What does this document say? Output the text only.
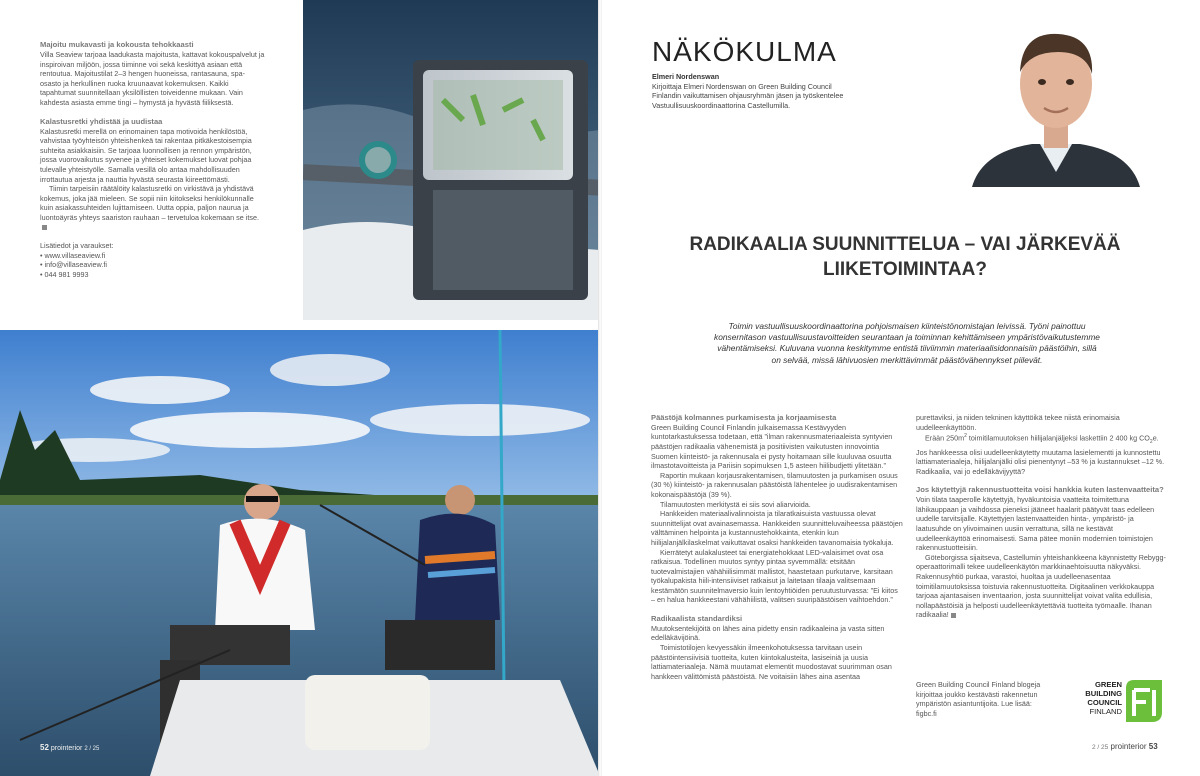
Majoitu mukavasti ja kokousta tehokkaasti

Villa Seaview tarjoaa laadukasta majoitusta, kattavat kokouspalvelut ja inspiroivan miljöön, jossa tiiminne voi sekä keskittyä asiaan että rentoutua. Majoitustilat 2–3 hengen huoneissa, rantasauna, spa-osasto ja herkullinen ruoka kruunaavat kokemuksen. Kaikki tapahtumat suunnitellaan yksilöllisten toiveidenne mukaan. Vain kahdesta asiasta emme tingi – hymystä ja hyvästä fiiliksestä.

Kalastusretki yhdistää ja uudistaa

Kalastusretki merellä on erinomainen tapa motivoida henkilöstöä, vahvistaa työyhteisön yhteishenkeä tai rakentaa pitkäkestoisempia suhteita asiakkaisiin. Se tarjoaa luonnollisen ja rennon ympäristön, jossa vuorovaikutus syvenee ja yhteiset kokemukset luovat pohjaa tulevalle yhteistyölle. Samalla vesillä olo antaa mahdollisuuden irrottautua arjesta ja nauttia hyvästä seurasta kiireettömästi.

Tiimin tarpeisiin räätälöity kalastusretki on virkistävä ja yhdistävä kokemus, joka jää mieleen. Se sopii niin kiitokseksi henkilökunnalle kuin asiakassuhteiden lujittamiseen. Uutta oppia, paljon naurua ja luontoäyräs yhteys saariston rauhaan – tervetuloa kokemaan se itse.

Lisätiedot ja varaukset:
• www.villaseaview.fi
• info@villaseaview.fi
• 044 981 9993
52 prointerior 2 / 25
NÄKÖKULMA
Elmeri Nordenswan
Kirjoittaja Elmeri Nordenswan on Green Building Council Finlandin vaikuttamisen ohjausryhmän jäsen ja työskentelee Vastuullisuuskoordinaattorina Castellumilla.
RADIKAALIA SUUNNITTELUA – VAI JÄRKEVÄÄ LIIKETOIMINTAA?

Toimin vastuullisuuskoordinaattorina pohjoismaisen kiinteistönomistajan leivissä. Työni painottuu konsernitason vastuullisuustavoitteiden seurantaan ja toiminnan kehittämiseen ympäristövaikutustemme vähentämiseksi. Kuluvana vuonna keskitymme entistä tiiviimmin materiaalisidonnaisiin päästöihin, sillä on selvää, missä lähivuosien merkittävimmät päästövähennykset piilevät.

Päästöjä kolmannes purkamisesta ja korjaamisesta

Green Building Council Finlandin julkaisemassa Kestävyyden kuntotarkastuksessa todetaan, että ”ilman rakennusmateriaaleista syntyvien päästöjen radikaalia vähenemistä ja positiivisten vaikutusten innovointia Suomen kiinteistö- ja rakennusala ei pysty hoitamaan sille kuuluvaa osuutta ilmastotavoitteista ja Pariisin sopimuksen 1,5 asteen hiilibudjetti ylitetään.”

Raportin mukaan korjausrakentamisen, tilamuutosten ja purkamisen osuus (30 %) kiinteistö- ja rakennusalan päästöistä lähentelee jo uudisrakentamisen kokonaispäästöjä (39 %).

Tilamuutosten merkitystä ei siis sovi aliarvioida.

Hankkeiden materiaalivalinnoista ja tilaratkaisuista vastuussa olevat suunnittelijat ovat avainasemassa. Hankkeiden suunnitteluvaiheessa päästöjen välttäminen helpointa ja kustannustehokkainta, etenkin kun hiilijalanjälkilaskelmat vaikuttavat osaksi hankkeiden tavanomaisia työkaluja.

Kierrätetyt aulakalusteet tai energiatehokkaat LED-valaisimet ovat osa ratkaisua. Todellinen muutos syntyy pintaa syvemmällä: etsitään tuotevalmistajien vähähiilisimmät mallistot, haastetaan purkutarve, karsitaan työkalupakista hiili-intensiiviset ratkaisut ja laitetaan tilaaja valitsemaan kestämätön suunnitelmaversio kuin lentoyhtiöiden peruutusturvassa: ”Ei kiitos – en halua hankkeestani vähähiilistä, valitsen suuripäästöisen vaihtoehdon.”

Radikaalista standardiksi

Muutoksentekijöitä on lähes aina pidetty ensin radikaaleina ja vasta sitten edelläkävijöinä.

Toimistotilojen kevyessäkin ilmeenkohotuksessa tarvitaan usein päästöintensiivisiä tuotteita, kuten kiintokalusteita, lasiseiniä ja uusia lattiamateriaaleja. Nämä muutamat elementit muodostavat suurimman osan hankkeen välittömistä päästöistä. Ne voitaisiin lähes aina asentaa

purettaviksi, ja niiden tekninen käyttöikä tekee niistä erinomaisia uudelleenkäyttöön.

Erään $250m^2$ toimitilamuutoksen hiilijalanjäljeksi laskettiin 2 400 kg $CO_2e$. Jos hankkeessa olisi uudelleenkäytetty muutama lasielementti ja kunnostettu lattiamateriaaleja, hiilijalanjälki olisi pienentynyt –53 % ja kustannukset –12 %. Radikaalia, vai jo edelläkävijyyttä?

Jos käytettyjä rakennustuotteita voisi hankkia kuten lastenvaatteita?

Voin tilata taaperolle käytettyjä, hyväkuntoisia vaatteita toimitettuna lähikauppaan ja vaihdossa pieneksi jääneet haalarit päätyvät taas edelleen uudelle tarvitsijalle. Käytettyjen lastenvaatteiden hinta-, ympäristö- ja laatusuhde on ylivoimainen uusiin verrattuna, sillä ne kestävät uudelleenkäyttöä erinomaisesti. Sama pätee moniin modernien toimistojen rakennustuotteisiin.

Göteborgissa sijaitseva, Castellumin yhteishankkeena käynnistetty Rebygg-operaattorimalli tekee uudelleenkäytön markkinaehtoisuutta näkyväksi. Rakennusyhtiö purkaa, varastoi, huoltaa ja uudelleenasentaa toimitilamuutoksissa toistuvia rakennustuotteita. Digitaalinen verkkokauppa tarjoaa ajantasaisen inventaarion, josta suunnittelijat voivat valita edullisia, nollapäästöisiä ja helposti uudelleenkäytettäviä tuotteita työmaalle. Ihanan radikaalia!

Green Building Council Finland blogeja kirjoittaa joukko kestävästi rakennetun ympäristön asiantuntijoita. Lue lisää: figbc.fi
GREEN
BUILDING
COUNCIL
FINLAND
2 / 25 prointerior 53
